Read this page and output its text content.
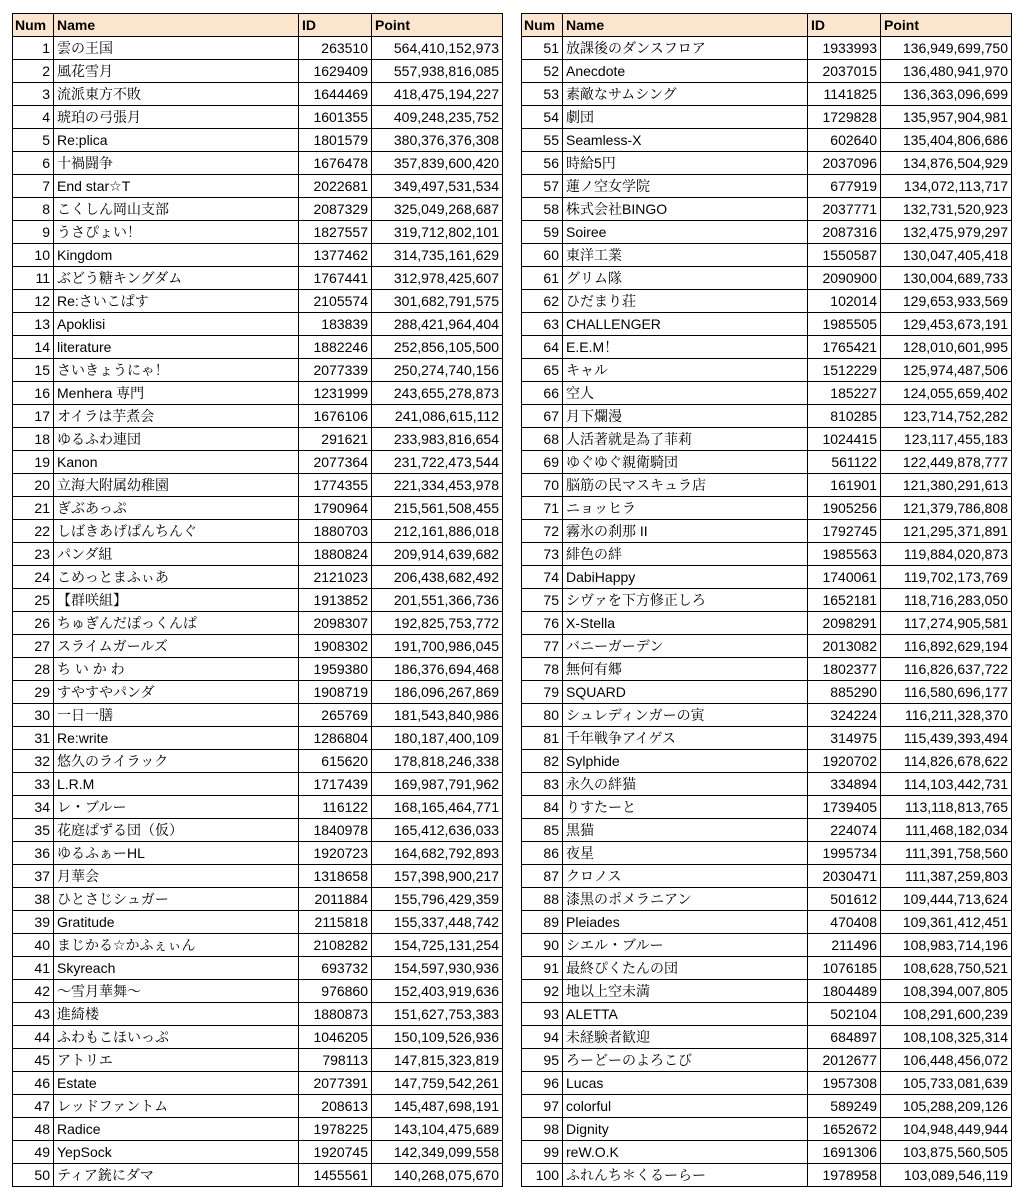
Num	Name	ID	Point
1	雲の王国	263510	564,410,152,973
2	風花雪月	1629409	557,938,816,085
3	流派東方不敗	1644469	418,475,194,227
4	琥珀の弓張月	1601355	409,248,235,752
5	Re:plica	1801579	380,376,376,308
6	十禍闘争	1676478	357,839,600,420
7	End star☆T	2022681	349,497,531,534
8	こくしん岡山支部	2087329	325,049,268,687
9	うさぴょい！	1827557	319,712,802,101
10	Kingdom	1377462	314,735,161,629
11	ぶどう糖キングダム	1767441	312,978,425,607
12	Re:さいこぱす	2105574	301,682,791,575
13	Apoklisi	183839	288,421,964,404
14	literature	1882246	252,856,105,500
15	さいきょうにゃ！	2077339	250,274,740,156
16	Menhera 専門	1231999	243,655,278,873
17	オイラは芋煮会	1676106	241,086,615,112
18	ゆるふわ連団	291621	233,983,816,654
19	Kanon	2077364	231,722,473,544
20	立海大附属幼稚園	1774355	221,334,453,978
21	ぎぶあっぷ	1790964	215,561,508,455
22	しばきあげぱんちんぐ	1880703	212,161,886,018
23	パンダ組	1880824	209,914,639,682
24	こめっとまふぃあ	2121023	206,438,682,492
25	【群咲組】	1913852	201,551,366,736
26	ちゅぎんだぽっくんぱ	2098307	192,825,753,772
27	スライムガールズ	1908302	191,700,986,045
28	ち い か わ	1959380	186,376,694,468
29	すやすやパンダ	1908719	186,096,267,869
30	一日一膳	265769	181,543,840,986
31	Re:write	1286804	180,187,400,109
32	悠久のライラック	615620	178,818,246,338
33	L.R.M	1717439	169,987,791,962
34	レ・ブルー	116122	168,165,464,771
35	花庭ぱずる団（仮）	1840978	165,412,636,033
36	ゆるふぁーHL	1920723	164,682,792,893
37	月華会	1318658	157,398,900,217
38	ひとさじシュガー	2011884	155,796,429,359
39	Gratitude	2115818	155,337,448,742
40	まじかる☆かふぇぃん	2108282	154,725,131,254
41	Skyreach	693732	154,597,930,936
42	～雪月華舞～	976860	152,403,919,636
43	進綺楼	1880873	151,627,753,383
44	ふわもこほいっぷ	1046205	150,109,526,936
45	アトリエ	798113	147,815,323,819
46	Estate	2077391	147,759,542,261
47	レッドファントム	208613	145,487,698,191
48	Radice	1978225	143,104,475,689
49	YepSock	1920745	142,349,099,558
50	ティア銃にダマ	1455561	140,268,075,670
Num	Name	ID	Point
51	放課後のダンスフロア	1933993	136,949,699,750
52	Anecdote	2037015	136,480,941,970
53	素敵なサムシング	1141825	136,363,096,699
54	劇団	1729828	135,957,904,981
55	Seamless-X	602640	135,404,806,686
56	時給5円	2037096	134,876,504,929
57	蓮ノ空女学院	677919	134,072,113,717
58	株式会社BINGO	2037771	132,731,520,923
59	Soiree	2087316	132,475,979,297
60	東洋工業	1550587	130,047,405,418
61	グリム隊	2090900	130,004,689,733
62	ひだまり荘	102014	129,653,933,569
63	CHALLENGER	1985505	129,453,673,191
64	E.E.M！	1765421	128,010,601,995
65	キャル	1512229	125,974,487,506
66	空人	185227	124,055,659,402
67	月下爛漫	810285	123,714,752,282
68	人活著就是為了菲莉	1024415	123,117,455,183
69	ゆぐゆぐ親衛騎団	561122	122,449,878,777
70	脳筋の民マスキュラ店	161901	121,380,291,613
71	ニョッヒラ	1905256	121,379,786,808
72	霧氷の刹那 II	1792745	121,295,371,891
73	緋色の絆	1985563	119,884,020,873
74	DabiHappy	1740061	119,702,173,769
75	シヴァを下方修正しろ	1652181	118,716,283,050
76	X-Stella	2098291	117,274,905,581
77	バニーガーデン	2013082	116,892,629,194
78	無何有郷	1802377	116,826,637,722
79	SQUARD	885290	116,580,696,177
80	シュレディンガーの寅	324224	116,211,328,370
81	千年戦争アイゲス	314975	115,439,393,494
82	Sylphide	1920702	114,826,678,622
83	永久の絆猫	334894	114,103,442,731
84	りすたーと	1739405	113,118,813,765
85	黒猫	224074	111,468,182,034
86	夜星	1995734	111,391,758,560
87	クロノス	2030471	111,387,259,803
88	漆黒のポメラニアン	501612	109,444,713,624
89	Pleiades	470408	109,361,412,451
90	シエル・ブルー	211496	108,983,714,196
91	最終ぴくたんの団	1076185	108,628,750,521
92	地以上空未満	1804489	108,394,007,805
93	ALETTA	502104	108,291,600,239
94	未経験者歓迎	684897	108,108,325,314
95	ろーどーのよろこび	2012677	106,448,456,072
96	Lucas	1957308	105,733,081,639
97	colorful	589249	105,288,209,126
98	Dignity	1652672	104,948,449,944
99	reW.O.K	1691306	103,875,560,505
100	ふれんち＊くるーらー	1978958	103,089,546,119
